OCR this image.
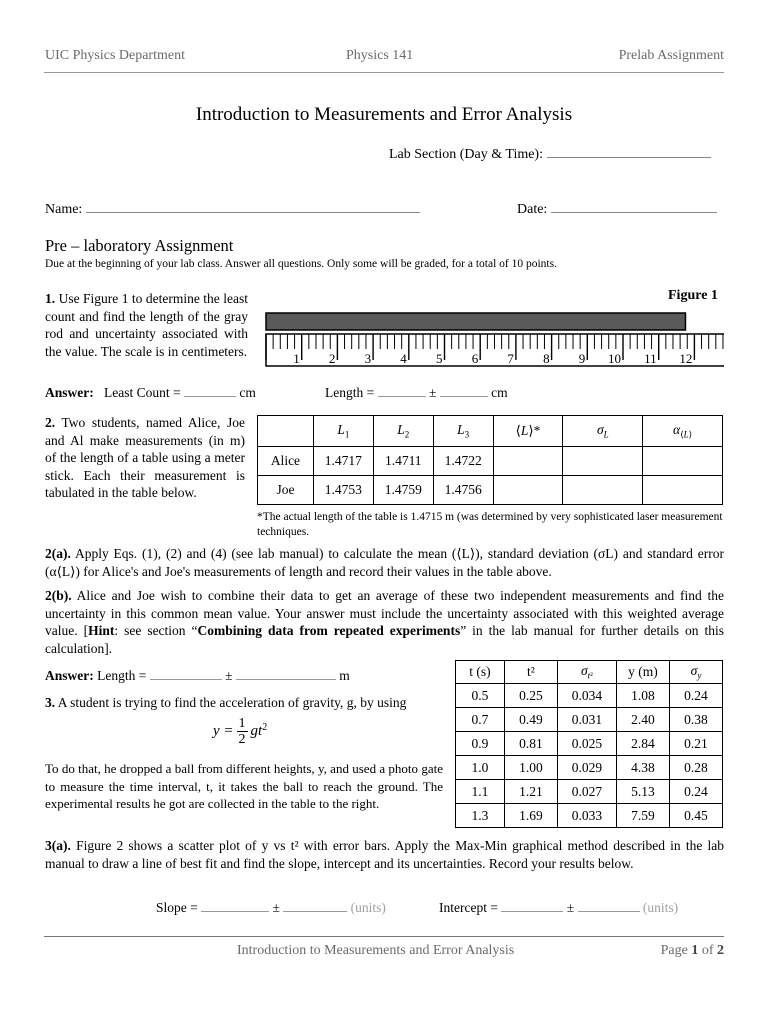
UIC Physics Department	Physics 141	Prelab Assignment
Introduction to Measurements and Error Analysis
Lab Section (Day & Time):
Name:	Date:
Pre – laboratory Assignment
Due at the beginning of your lab class. Answer all questions. Only some will be graded, for a total of 10 points.
1. Use Figure 1 to determine the least count and find the length of the gray rod and uncertainty associated with the value. The scale is in centimeters.
Figure 1
1 2 3 4 5 6 7 8 9 10 11 12
Answer: Least Count =	cm	Length =	±	cm
2. Two students, named Alice, Joe and Al make measurements (in m) of the length of a table using a meter stick. Each their measurement is tabulated in the table below.
	$L_1$	$L_2$	$L_3$	⟨L⟩*	$\sigma_L$	$\alpha_{⟨L⟩}$
Alice	1.4717	1.4711	1.4722			
Joe	1.4753	1.4759	1.4756			
*The actual length of the table is 1.4715 m (was determined by very sophisticated laser measurement techniques.
2(a). Apply Eqs. (1), (2) and (4) (see lab manual) to calculate the mean (⟨L⟩), standard deviation (σL) and standard error (α⟨L⟩) for Alice's and Joe's measurements of length and record their values in the table above.
2(b). Alice and Joe wish to combine their data to get an average of these two independent measurements and find the uncertainty in this common mean value. Your answer must include the uncertainty associated with this weighted average value. [Hint: see section “Combining data from repeated experiments” in the lab manual for further details on this calculation].
Answer: Length =	±	m
3. A student is trying to find the acceleration of gravity, g, by using
$y = \frac{1}{2} gt^2$
To do that, he dropped a ball from different heights, y, and used a photo gate to measure the time interval, t, it takes the ball to reach the ground. The experimental results he got are collected in the table to the right.
t (s)	t²	$\sigma_{t^2}$	y (m)	$\sigma_y$
0.5	0.25	0.034	1.08	0.24
0.7	0.49	0.031	2.40	0.38
0.9	0.81	0.025	2.84	0.21
1.0	1.00	0.029	4.38	0.28
1.1	1.21	0.027	5.13	0.24
1.3	1.69	0.033	7.59	0.45
3(a). Figure 2 shows a scatter plot of y vs t² with error bars. Apply the Max-Min graphical method described in the lab manual to draw a line of best fit and find the slope, intercept and its uncertainties. Record your results below.
Slope =	±	(units)	Intercept =	±	(units)
Introduction to Measurements and Error Analysis	Page 1 of 2
